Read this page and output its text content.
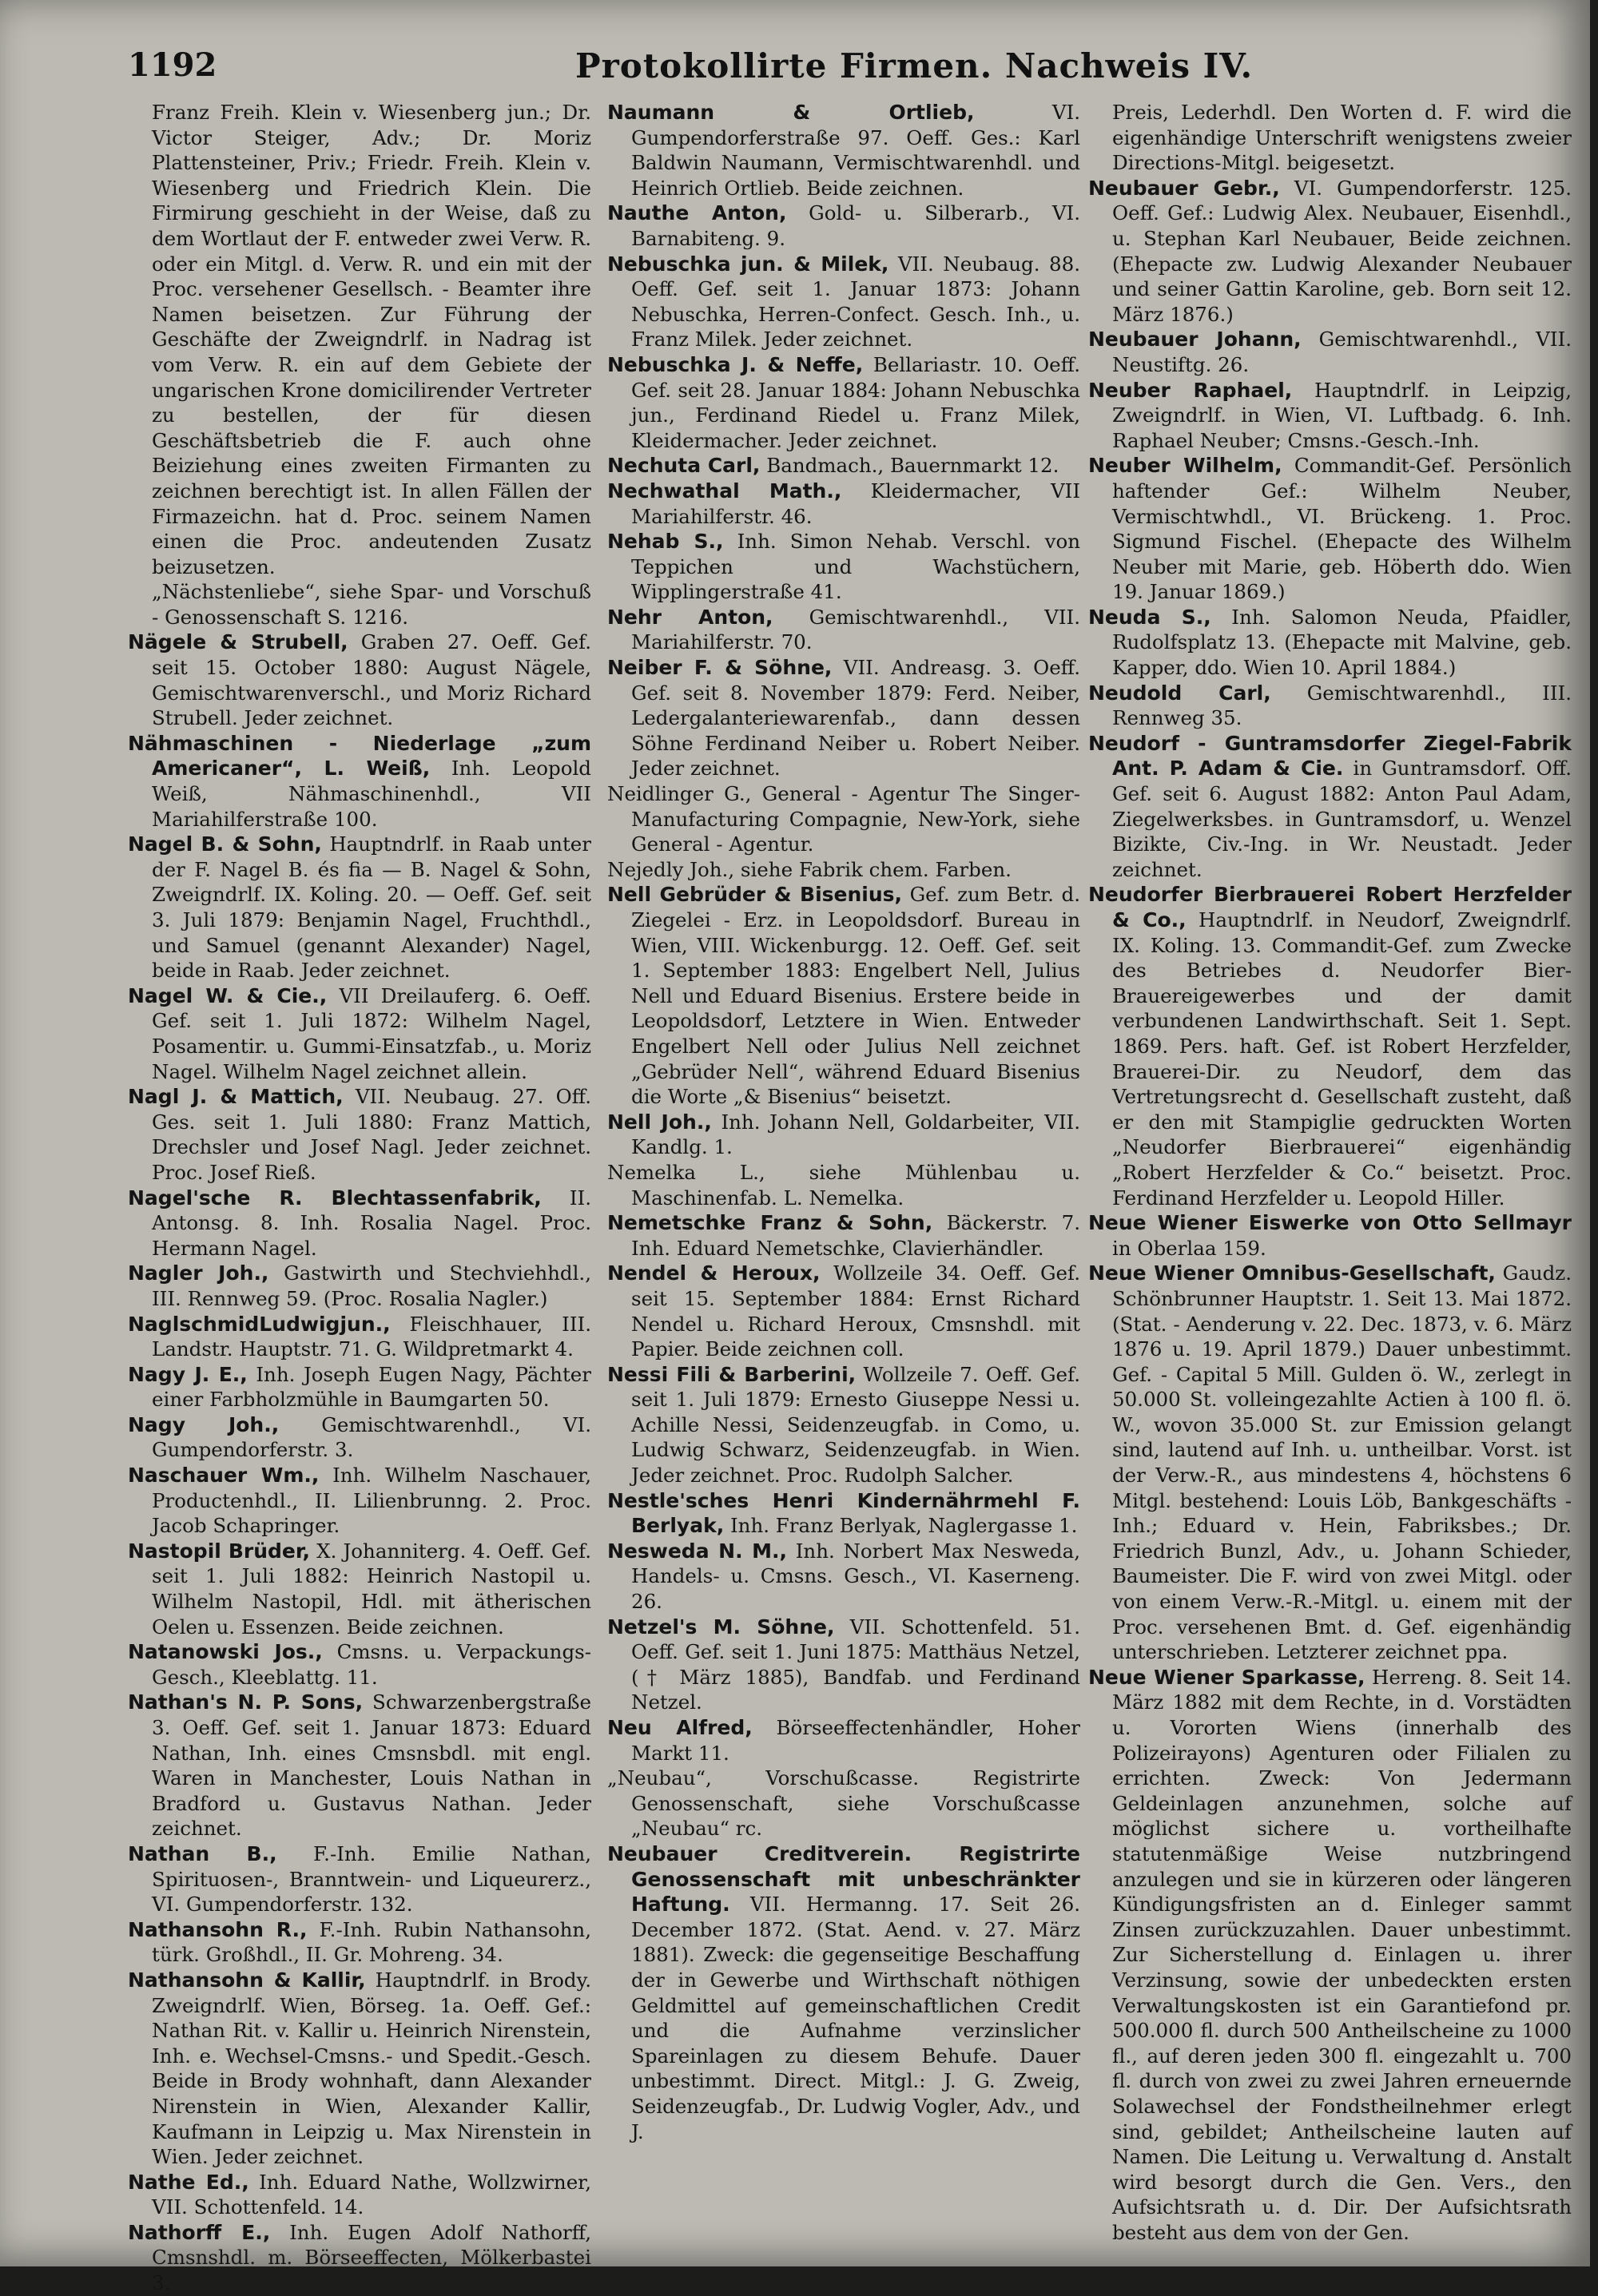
1192	Protokollirte Firmen. Nachweis IV.

Franz Freih. Klein v. Wiesenberg jun.; Dr. Victor Steiger, Adv.; Dr. Moriz Plattensteiner, Priv.; Friedr. Freih. Klein v. Wiesenberg und Friedrich Klein. Die Firmirung geschieht in der Weise, daß zu dem Wortlaut der F. entweder zwei Verw. R. oder ein Mitgl. d. Verw. R. und ein mit der Proc. versehener Gesellsch. - Beamter ihre Namen beisetzen. Zur Führung der Geschäfte der Zweigndrlf. in Nadrag ist vom Verw. R. ein auf dem Gebiete der ungarischen Krone domicilirender Vertreter zu bestellen, der für diesen Geschäftsbetrieb die F. auch ohne Beiziehung eines zweiten Firmanten zu zeichnen berechtigt ist. In allen Fällen der Firmazeichn. hat d. Proc. seinem Namen einen die Proc. andeutenden Zusatz beizusetzen.

„Nächstenliebe“, siehe Spar- und Vorschuß - Genossenschaft S. 1216.

Nägele & Strubell, Graben 27. Oeff. Gef. seit 15. October 1880: August Nägele, Gemischtwarenverschl., und Moriz Richard Strubell. Jeder zeichnet.

Nähmaschinen - Niederlage „zum Americaner“, L. Weiß, Inh. Leopold Weiß, Nähmaschinenhdl., VII Mariahilferstraße 100.

Nagel B. & Sohn, Hauptndrlf. in Raab unter der F. Nagel B. és fia — B. Nagel & Sohn, Zweigndrlf. IX. Koling. 20. — Oeff. Gef. seit 3. Juli 1879: Benjamin Nagel, Fruchthdl., und Samuel (genannt Alexander) Nagel, beide in Raab. Jeder zeichnet.

Nagel W. & Cie., VII Dreilauferg. 6. Oeff. Gef. seit 1. Juli 1872: Wilhelm Nagel, Posamentir. u. Gummi-Einsatzfab., u. Moriz Nagel. Wilhelm Nagel zeichnet allein.

Nagl J. & Mattich, VII. Neubaug. 27. Off. Ges. seit 1. Juli 1880: Franz Mattich, Drechsler und Josef Nagl. Jeder zeichnet. Proc. Josef Rieß.

Nagel'sche R. Blechtassenfabrik, II. Antonsg. 8. Inh. Rosalia Nagel. Proc. Hermann Nagel.

Nagler Joh., Gastwirth und Stechviehhdl., III. Rennweg 59. (Proc. Rosalia Nagler.)

NaglschmidLudwigjun., Fleischhauer, III. Landstr. Hauptstr. 71. G. Wildpretmarkt 4.

Nagy J. E., Inh. Joseph Eugen Nagy, Pächter einer Farbholzmühle in Baumgarten 50.

Nagy Joh., Gemischtwarenhdl., VI. Gumpendorferstr. 3.

Naschauer Wm., Inh. Wilhelm Naschauer, Productenhdl., II. Lilienbrunng. 2. Proc. Jacob Schapringer.

Nastopil Brüder, X. Johanniterg. 4. Oeff. Gef. seit 1. Juli 1882: Heinrich Nastopil u. Wilhelm Nastopil, Hdl. mit ätherischen Oelen u. Essenzen. Beide zeichnen.

Natanowski Jos., Cmsns. u. Verpackungs-Gesch., Kleeblattg. 11.

Nathan's N. P. Sons, Schwarzenbergstraße 3. Oeff. Gef. seit 1. Januar 1873: Eduard Nathan, Inh. eines Cmsnsbdl. mit engl. Waren in Manchester, Louis Nathan in Bradford u. Gustavus Nathan. Jeder zeichnet.

Nathan B., F.-Inh. Emilie Nathan, Spirituosen-, Branntwein- und Liqueurerz., VI. Gumpendorferstr. 132.

Nathansohn R., F.-Inh. Rubin Nathansohn, türk. Großhdl., II. Gr. Mohreng. 34.

Nathansohn & Kallir, Hauptndrlf. in Brody. Zweigndrlf. Wien, Börseg. 1a. Oeff. Gef.: Nathan Rit. v. Kallir u. Heinrich Nirenstein, Inh. e. Wechsel-Cmsns.- und Spedit.-Gesch. Beide in Brody wohnhaft, dann Alexander Nirenstein in Wien, Alexander Kallir, Kaufmann in Leipzig u. Max Nirenstein in Wien. Jeder zeichnet.

Nathe Ed., Inh. Eduard Nathe, Wollzwirner, VII. Schottenfeld. 14.

Nathorff E., Inh. Eugen Adolf Nathorff, Cmsnshdl. m. Börseeffecten, Mölkerbastei 3.

Naumann & Ortlieb,	VI. Gumpendorferstraße 97. Oeff. Ges.: Karl Baldwin Naumann, Vermischtwarenhdl. und Heinrich Ortlieb. Beide zeichnen.

Nauthe Anton, Gold- u. Silberarb., VI. Barnabiteng. 9.

Nebuschka jun. & Milek, VII. Neubaug. 88. Oeff. Gef. seit 1. Januar 1873: Johann Nebuschka, Herren-Confect. Gesch. Inh., u. Franz Milek. Jeder zeichnet.

Nebuschka J. & Neffe, Bellariastr. 10. Oeff. Gef. seit 28. Januar 1884: Johann Nebuschka jun., Ferdinand Riedel u. Franz Milek, Kleidermacher. Jeder zeichnet.

Nechuta Carl, Bandmach., Bauernmarkt 12.

Nechwathal Math., Kleidermacher, VII Mariahilferstr. 46.

Nehab S., Inh. Simon Nehab. Verschl. von Teppichen und Wachstüchern, Wipplingerstraße 41.

Nehr Anton, Gemischtwarenhdl., VII. Mariahilferstr. 70.

Neiber F. & Söhne, VII. Andreasg. 3. Oeff. Gef. seit 8. November 1879: Ferd. Neiber, Ledergalanteriewarenfab., dann dessen Söhne Ferdinand Neiber u. Robert Neiber. Jeder zeichnet.

Neidlinger G., General - Agentur The Singer-Manufacturing Compagnie, New-York, siehe General - Agentur.

Nejedly Joh., siehe Fabrik chem. Farben.

Nell Gebrüder & Bisenius, Gef. zum Betr. d. Ziegelei - Erz. in Leopoldsdorf. Bureau in Wien, VIII. Wickenburgg. 12. Oeff. Gef. seit 1. September 1883: Engelbert Nell, Julius Nell und Eduard Bisenius. Erstere beide in Leopoldsdorf, Letztere in Wien. Entweder Engelbert Nell oder Julius Nell zeichnet „Gebrüder Nell“, während Eduard Bisenius die Worte „& Bisenius“ beisetzt.

Nell Joh., Inh. Johann Nell, Goldarbeiter, VII. Kandlg. 1.

Nemelka L., siehe Mühlenbau u. Maschinenfab. L. Nemelka.

Nemetschke Franz & Sohn, Bäckerstr. 7. Inh. Eduard Nemetschke, Clavierhändler.

Nendel & Heroux, Wollzeile 34. Oeff. Gef. seit 15. September 1884: Ernst Richard Nendel u. Richard Heroux, Cmsnshdl. mit Papier. Beide zeichnen coll.

Nessi Fili & Barberini, Wollzeile 7. Oeff. Gef. seit 1. Juli 1879: Ernesto Giuseppe Nessi u. Achille Nessi, Seidenzeugfab. in Como, u. Ludwig Schwarz, Seidenzeugfab. in Wien. Jeder zeichnet. Proc. Rudolph Salcher.

Nestle'sches Henri Kindernährmehl F. Berlyak, Inh. Franz Berlyak, Naglergasse 1.

Nesweda N. M., Inh. Norbert Max Nesweda, Handels- u. Cmsns. Gesch., VI. Kaserneng. 26.

Netzel's M. Söhne, VII. Schottenfeld. 51. Oeff. Gef. seit 1. Juni 1875: Matthäus Netzel, († März 1885), Bandfab. und Ferdinand Netzel.

Neu Alfred, Börseeffectenhändler, Hoher Markt 11.

„Neubau“, Vorschußcasse. Registrirte Genossenschaft, siehe Vorschußcasse „Neubau“ rc.

Neubauer Creditverein. Registrirte Genossenschaft mit unbeschränkter Haftung. VII. Hermanng. 17. Seit 26. December 1872. (Stat. Aend. v. 27. März 1881). Zweck: die gegenseitige Beschaffung der in Gewerbe und Wirthschaft nöthigen Geldmittel auf gemeinschaftlichen Credit und die Aufnahme verzinslicher Spareinlagen zu diesem Behufe. Dauer unbestimmt. Direct. Mitgl.: J. G. Zweig, Seidenzeugfab., Dr. Ludwig Vogler, Adv., und J.

Preis, Lederhdl. Den Worten d. F. wird die eigenhändige Unterschrift wenigstens zweier Directions-Mitgl. beigesetzt.

Neubauer Gebr., VI. Gumpendorferstr. 125. Oeff. Gef.: Ludwig Alex. Neubauer, Eisenhdl., u. Stephan Karl Neubauer, Beide zeichnen. (Ehepacte zw. Ludwig Alexander Neubauer und seiner Gattin Karoline, geb. Born seit 12. März 1876.)

Neubauer Johann, Gemischtwarenhdl., VII. Neustiftg. 26.

Neuber Raphael, Hauptndrlf. in Leipzig, Zweigndrlf. in Wien, VI. Luftbadg. 6. Inh. Raphael Neuber; Cmsns.-Gesch.-Inh.

Neuber Wilhelm, Commandit-Gef. Persönlich haftender Gef.: Wilhelm Neuber, Vermischtwhdl., VI. Brückeng. 1. Proc. Sigmund Fischel. (Ehepacte des Wilhelm Neuber mit Marie, geb. Höberth ddo. Wien 19. Januar 1869.)

Neuda S., Inh. Salomon Neuda, Pfaidler, Rudolfsplatz 13. (Ehepacte mit Malvine, geb. Kapper, ddo. Wien 10. April 1884.)

Neudold Carl, Gemischtwarenhdl., III. Rennweg 35.

Neudorf - Guntramsdorfer Ziegel-Fabrik Ant. P. Adam & Cie. in Guntramsdorf. Off. Gef. seit 6. August 1882: Anton Paul Adam, Ziegelwerksbes. in Guntramsdorf, u. Wenzel Bizikte, Civ.-Ing. in Wr. Neustadt. Jeder zeichnet.

Neudorfer Bierbrauerei Robert Herzfelder & Co., Hauptndrlf. in Neudorf, Zweigndrlf. IX. Koling. 13. Commandit-Gef. zum Zwecke des Betriebes d. Neudorfer Bier-Brauereigewerbes und der damit verbundenen Landwirthschaft. Seit 1. Sept. 1869. Pers. haft. Gef. ist Robert Herzfelder, Brauerei-Dir. zu Neudorf, dem das Vertretungsrecht d. Gesellschaft zusteht, daß er den mit Stampiglie gedruckten Worten „Neudorfer Bierbrauerei“ eigenhändig „Robert Herzfelder & Co.“ beisetzt. Proc. Ferdinand Herzfelder u. Leopold Hiller.

Neue Wiener Eiswerke von Otto Sellmayr in Oberlaa 159.

Neue Wiener Omnibus-Gesellschaft, Gaudz. Schönbrunner Hauptstr. 1. Seit 13. Mai 1872. (Stat. - Aenderung v. 22. Dec. 1873, v. 6. März 1876 u. 19. April 1879.) Dauer unbestimmt. Gef. - Capital 5 Mill. Gulden ö. W., zerlegt in 50.000 St. volleingezahlte Actien à 100 fl. ö. W., wovon 35.000 St. zur Emission gelangt sind, lautend auf Inh. u. untheilbar. Vorst. ist der Verw.-R., aus mindestens 4, höchstens 6 Mitgl. bestehend: Louis Löb, Bankgeschäfts - Inh.; Eduard v. Hein, Fabriksbes.; Dr. Friedrich Bunzl, Adv., u. Johann Schieder, Baumeister. Die F. wird von zwei Mitgl. oder von einem Verw.-R.-Mitgl. u. einem mit der Proc. versehenen Bmt. d. Gef. eigenhändig unterschrieben. Letzterer zeichnet ppa.

Neue Wiener Sparkasse, Herreng. 8. Seit 14. März 1882 mit dem Rechte, in d. Vorstädten u. Vororten Wiens (innerhalb des Polizeirayons) Agenturen oder Filialen zu errichten. Zweck: Von Jedermann Geldeinlagen anzunehmen, solche auf möglichst sichere u. vortheilhafte statutenmäßige Weise nutzbringend anzulegen und sie in kürzeren oder längeren Kündigungsfristen an d. Einleger sammt Zinsen zurückzuzahlen. Dauer unbestimmt. Zur Sicherstellung d. Einlagen u. ihrer Verzinsung, sowie der unbedeckten ersten Verwaltungskosten ist ein Garantiefond pr. 500.000 fl. durch 500 Antheilscheine zu 1000 fl., auf deren jeden 300 fl. eingezahlt u. 700 fl. durch von zwei zu zwei Jahren erneuernde Solawechsel der Fondstheilnehmer erlegt sind, gebildet; Antheilscheine lauten auf Namen. Die Leitung u. Verwaltung d. Anstalt wird besorgt durch die Gen. Vers., den Aufsichtsrath u. d. Dir. Der Aufsichtsrath besteht aus dem von der Gen.
